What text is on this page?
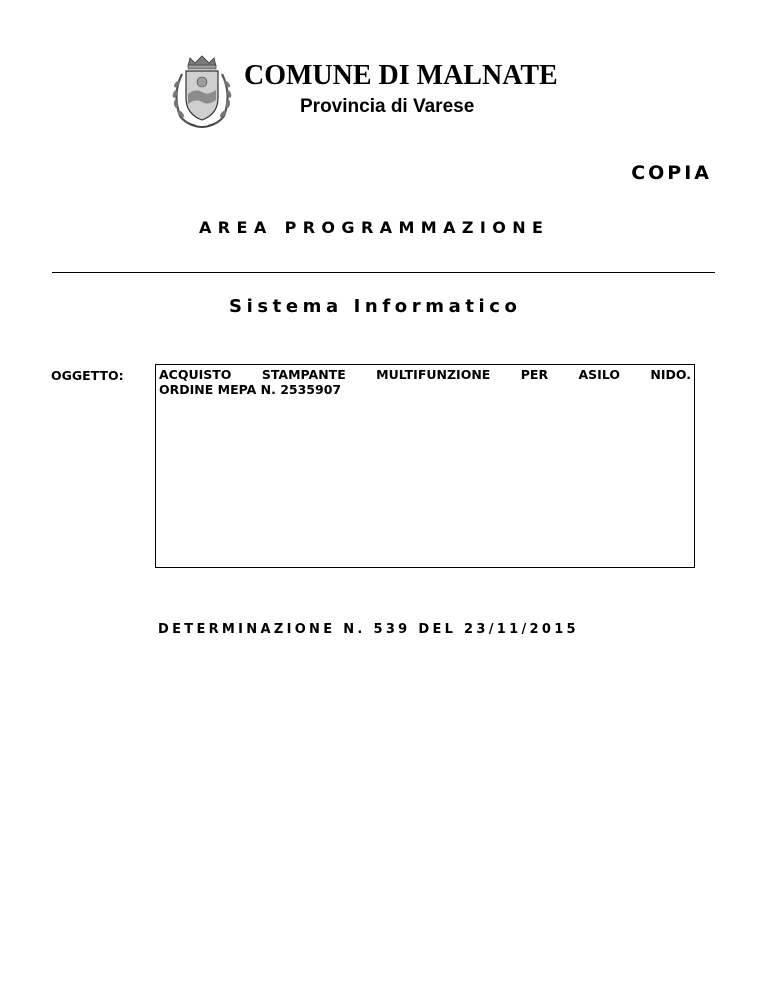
COMUNE DI MALNATE
Provincia di Varese
COPIA
AREA PROGRAMMAZIONE
Sistema Informatico
OGGETTO:	ACQUISTO STAMPANTE MULTIFUNZIONE PER ASILO NIDO.
ORDINE MEPA N. 2535907
DETERMINAZIONE N. 539 DEL 23/11/2015
